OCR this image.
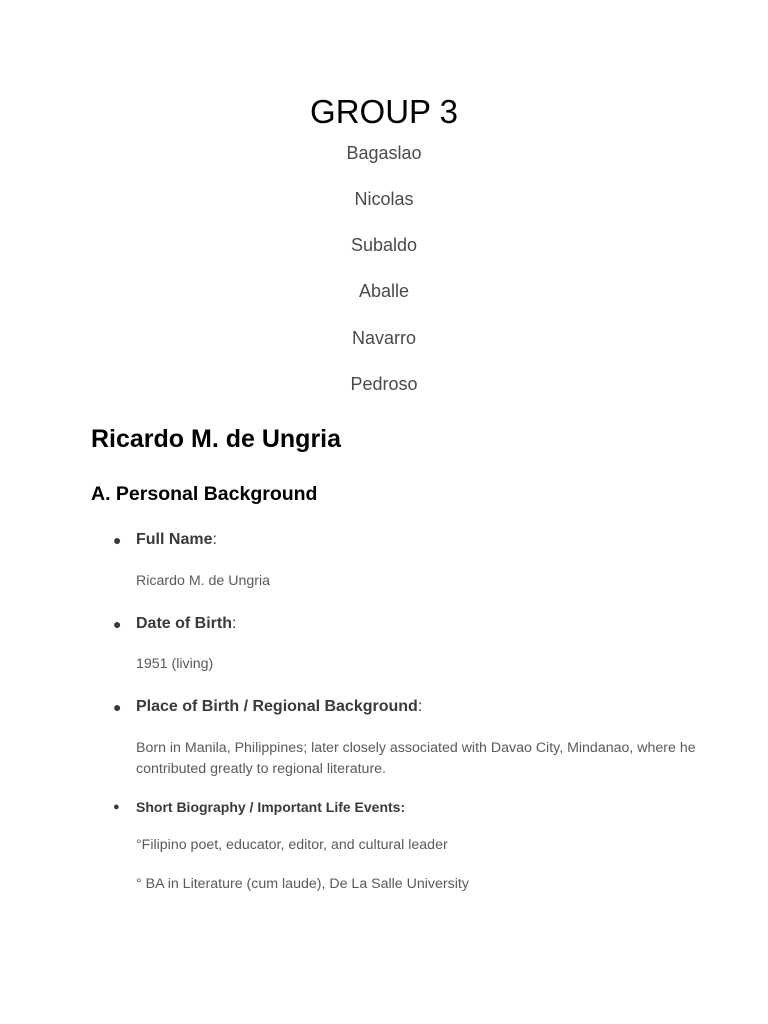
GROUP 3
Bagaslao
Nicolas
Subaldo
Aballe
Navarro
Pedroso
Ricardo M. de Ungria
A. Personal Background
● Full Name:
Ricardo M. de Ungria
● Date of Birth:
1951 (living)
● Place of Birth / Regional Background:
Born in Manila, Philippines; later closely associated with Davao City, Mindanao, where he contributed greatly to regional literature.
● Short Biography / Important Life Events:
°Filipino poet, educator, editor, and cultural leader
° BA in Literature (cum laude), De La Salle University
